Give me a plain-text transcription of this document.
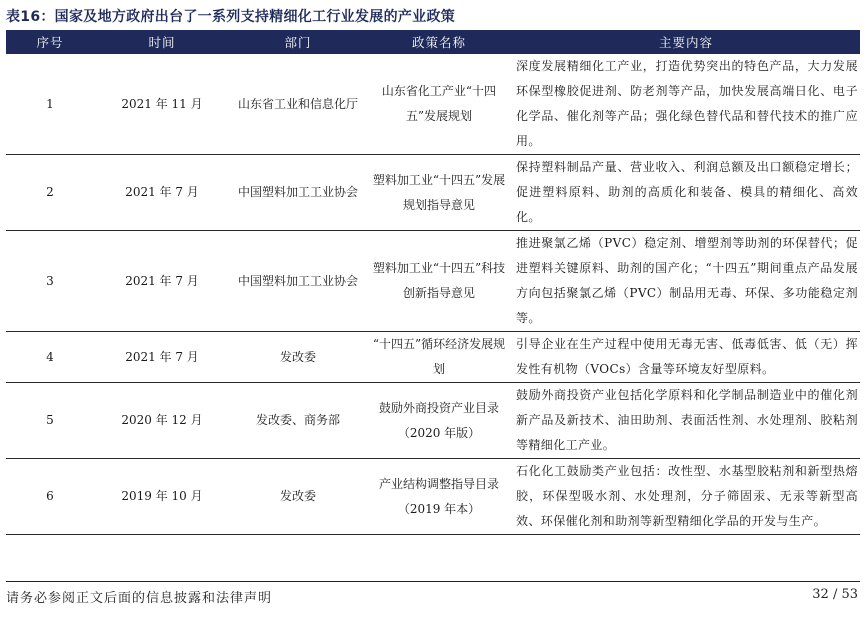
表16：国家及地方政府出台了一系列支持精细化工行业发展的产业政策
序号	时间	部门	政策名称	主要内容
1	2021 年 11 月	山东省工业和信息化厅	山东省化工产业“十四五”发展规划	深度发展精细化工产业，打造优势突出的特色产品，大力发展环保型橡胶促进剂、防老剂等产品，加快发展高端日化、电子化学品、催化剂等产品；强化绿色替代品和替代技术的推广应用。
2	2021 年 7 月	中国塑料加工工业协会	塑料加工业“十四五”发展规划指导意见	保持塑料制品产量、营业收入、利润总额及出口额稳定增长；促进塑料原料、助剂的高质化和装备、模具的精细化、高效化。
3	2021 年 7 月	中国塑料加工工业协会	塑料加工业“十四五”科技创新指导意见	推进聚氯乙烯（PVC）稳定剂、增塑剂等助剂的环保替代；促进塑料关键原料、助剂的国产化；“十四五”期间重点产品发展方向包括聚氯乙烯（PVC）制品用无毒、环保、多功能稳定剂等。
4	2021 年 7 月	发改委	“十四五”循环经济发展规划	引导企业在生产过程中使用无毒无害、低毒低害、低（无）挥发性有机物（VOCs）含量等环境友好型原料。
5	2020 年 12 月	发改委、商务部	鼓励外商投资产业目录（2020 年版）	鼓励外商投资产业包括化学原料和化学制品制造业中的催化剂新产品及新技术、油田助剂、表面活性剂、水处理剂、胶粘剂等精细化工产业。
6	2019 年 10 月	发改委	产业结构调整指导目录（2019 年本）	石化化工鼓励类产业包括：改性型、水基型胶粘剂和新型热熔胶，环保型吸水剂、水处理剂，分子筛固汞、无汞等新型高效、环保催化剂和助剂等新型精细化学品的开发与生产。
请务必参阅正文后面的信息披露和法律声明	32 / 53
